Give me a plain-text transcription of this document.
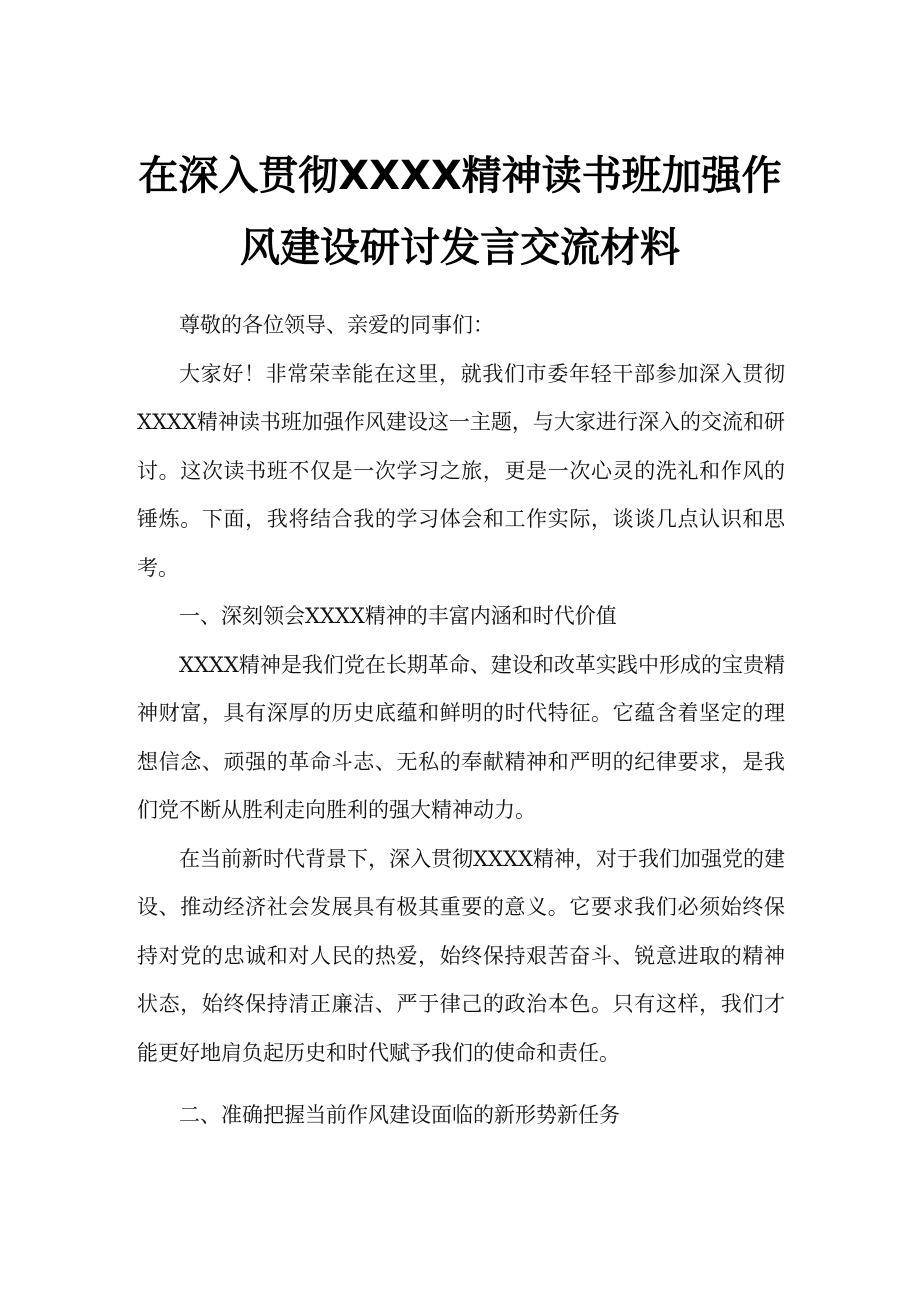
在深入贯彻XXXX精神读书班加强作
风建设研讨发言交流材料

尊敬的各位领导、亲爱的同事们：

大家好！非常荣幸能在这里，就我们市委年轻干部参加深入贯彻XXXX精神读书班加强作风建设这一主题，与大家进行深入的交流和研讨。这次读书班不仅是一次学习之旅，更是一次心灵的洗礼和作风的锤炼。下面，我将结合我的学习体会和工作实际，谈谈几点认识和思考。

一、深刻领会XXXX精神的丰富内涵和时代价值

XXXX精神是我们党在长期革命、建设和改革实践中形成的宝贵精神财富，具有深厚的历史底蕴和鲜明的时代特征。它蕴含着坚定的理想信念、顽强的革命斗志、无私的奉献精神和严明的纪律要求，是我们党不断从胜利走向胜利的强大精神动力。

在当前新时代背景下，深入贯彻XXXX精神，对于我们加强党的建设、推动经济社会发展具有极其重要的意义。它要求我们必须始终保持对党的忠诚和对人民的热爱，始终保持艰苦奋斗、锐意进取的精神状态，始终保持清正廉洁、严于律己的政治本色。只有这样，我们才能更好地肩负起历史和时代赋予我们的使命和责任。

二、准确把握当前作风建设面临的新形势新任务
